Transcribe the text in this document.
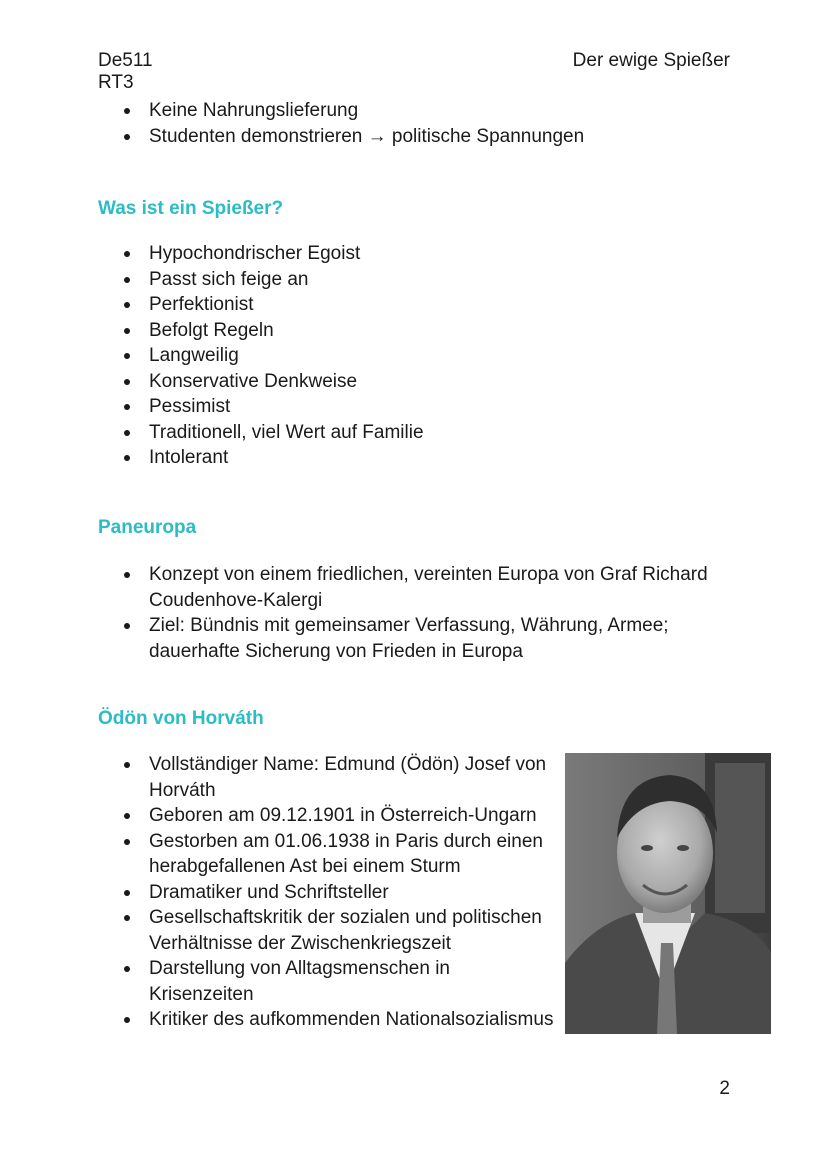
De511
RT3
Der ewige Spießer
Keine Nahrungslieferung
Studenten demonstrieren → politische Spannungen
Was ist ein Spießer?
Hypochondrischer Egoist
Passt sich feige an
Perfektionist
Befolgt Regeln
Langweilig
Konservative Denkweise
Pessimist
Traditionell, viel Wert auf Familie
Intolerant
Paneuropa
Konzept von einem friedlichen, vereinten Europa von Graf Richard Coudenhove-Kalergi
Ziel: Bündnis mit gemeinsamer Verfassung, Währung, Armee; dauerhafte Sicherung von Frieden in Europa
Ödön von Horváth
Vollständiger Name: Edmund (Ödön) Josef von Horváth
Geboren am 09.12.1901 in Österreich-Ungarn
Gestorben am 01.06.1938 in Paris durch einen herabgefallenen Ast bei einem Sturm
Dramatiker und Schriftsteller
Gesellschaftskritik der sozialen und politischen Verhältnisse der Zwischenkriegszeit
Darstellung von Alltagsmenschen in Krisenzeiten
Kritiker des aufkommenden Nationalsozialismus
2
